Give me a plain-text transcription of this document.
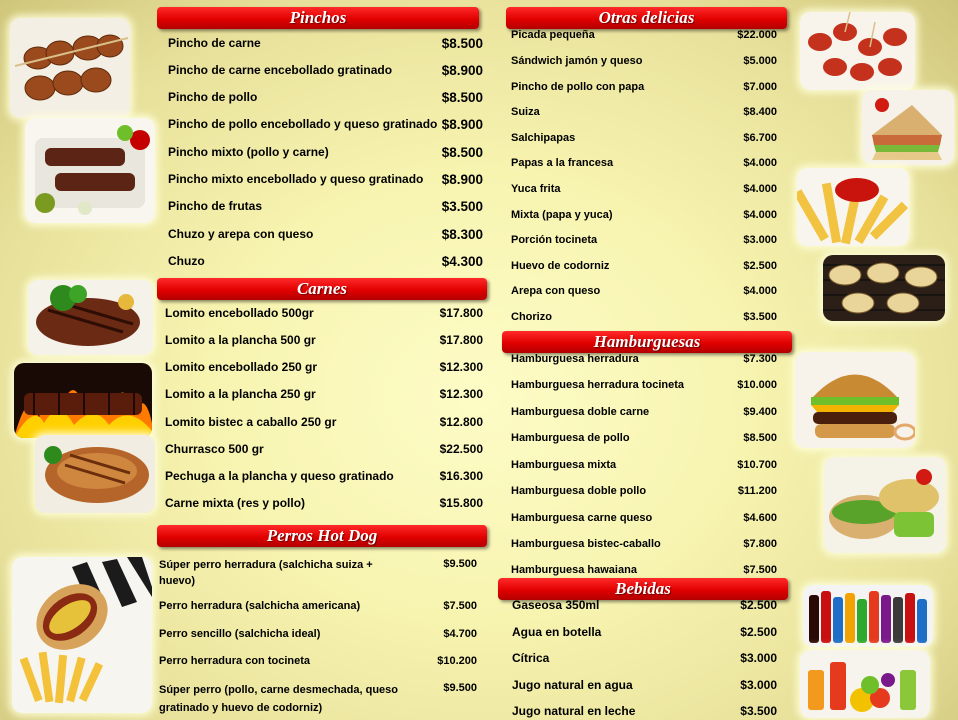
Pinchos
Pincho de carne	$8.500
Pincho de carne encebollado gratinado	$8.900
Pincho de pollo	$8.500
Pincho de pollo encebollado y queso gratinado $8.900
Pincho mixto (pollo y carne)	$8.500
Pincho mixto encebollado y queso gratinado $8.900
Pincho de frutas	$3.500
Chuzo y arepa con queso	$8.300
Chuzo	$4.300
Carnes
Lomito encebollado 500gr	$17.800
Lomito a la plancha 500 gr	$17.800
Lomito encebollado 250 gr	$12.300
Lomito a la plancha 250 gr	$12.300
Lomito bistec a caballo 250 gr	$12.800
Churrasco 500 gr	$22.500
Pechuga a la plancha y queso gratinado	$16.300
Carne mixta (res y pollo)	$15.800
Perros Hot Dog
Súper perro herradura (salchicha suiza +
huevo)
$9.500
Perro herradura (salchicha americana)	$7.500
Perro sencillo (salchicha ideal)	$4.700
Perro herradura con tocineta	$10.200
Súper perro (pollo, carne desmechada, queso
gratinado y huevo de codorniz)
$9.500
Otras delicias
Picada pequeña	$22.000
Sándwich jamón y queso	$5.000
Pincho de pollo con papa	$7.000
Suiza	$8.400
Salchipapas	$6.700
Papas a la francesa	$4.000
Yuca frita	$4.000
Mixta (papa y yuca)	$4.000
Porción tocineta	$3.000
Huevo de codorniz	$2.500
Arepa con queso	$4.000
Chorizo	$3.500
Hamburguesas
Hamburguesa herradura	$7.300
Hamburguesa herradura tocineta	$10.000
Hamburguesa doble carne	$9.400
Hamburguesa de pollo	$8.500
Hamburguesa mixta	$10.700
Hamburguesa doble pollo	$11.200
Hamburguesa carne queso	$4.600
Hamburguesa bistec-caballo	$7.800
Hamburguesa hawaiana	$7.500
Bebidas
Gaseosa 350ml	$2.500
Agua en botella	$2.500
Cítrica	$3.000
Jugo natural en agua	$3.000
Jugo natural en leche	$3.500
